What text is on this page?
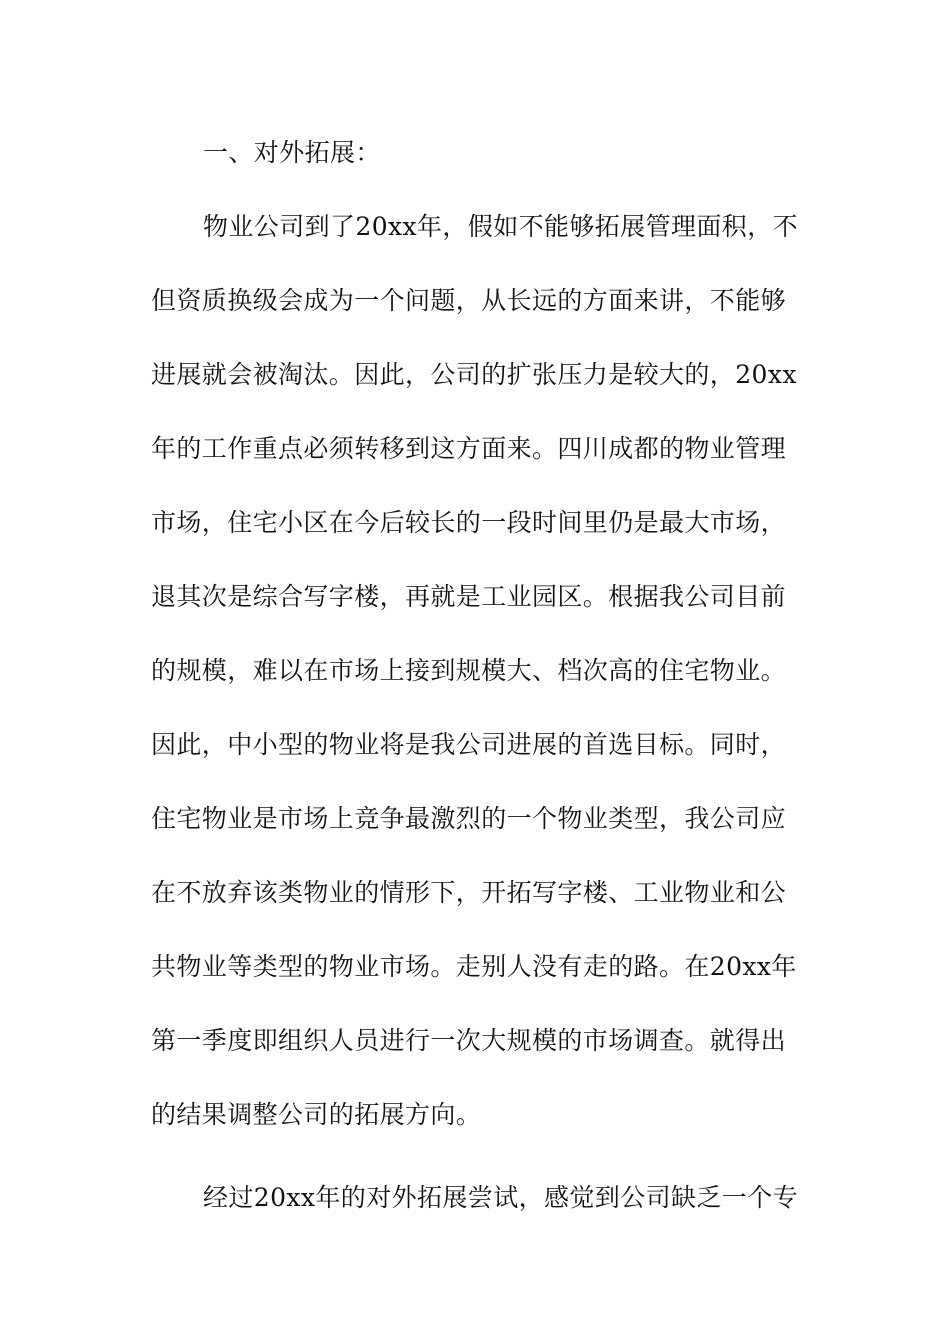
一、对外拓展：
物业公司到了20xx年，假如不能够拓展管理面积，不
但资质换级会成为一个问题，从长远的方面来讲，不能够
进展就会被淘汰。因此，公司的扩张压力是较大的，20xx
年的工作重点必须转移到这方面来。四川成都的物业管理
市场，住宅小区在今后较长的一段时间里仍是最大市场，
退其次是综合写字楼，再就是工业园区。根据我公司目前
的规模，难以在市场上接到规模大、档次高的住宅物业。
因此，中小型的物业将是我公司进展的首选目标。同时，
住宅物业是市场上竞争最激烈的一个物业类型，我公司应
在不放弃该类物业的情形下，开拓写字楼、工业物业和公
共物业等类型的物业市场。走别人没有走的路。在20xx年
第一季度即组织人员进行一次大规模的市场调查。就得出
的结果调整公司的拓展方向。
经过20xx年的对外拓展尝试，感觉到公司缺乏一个专
